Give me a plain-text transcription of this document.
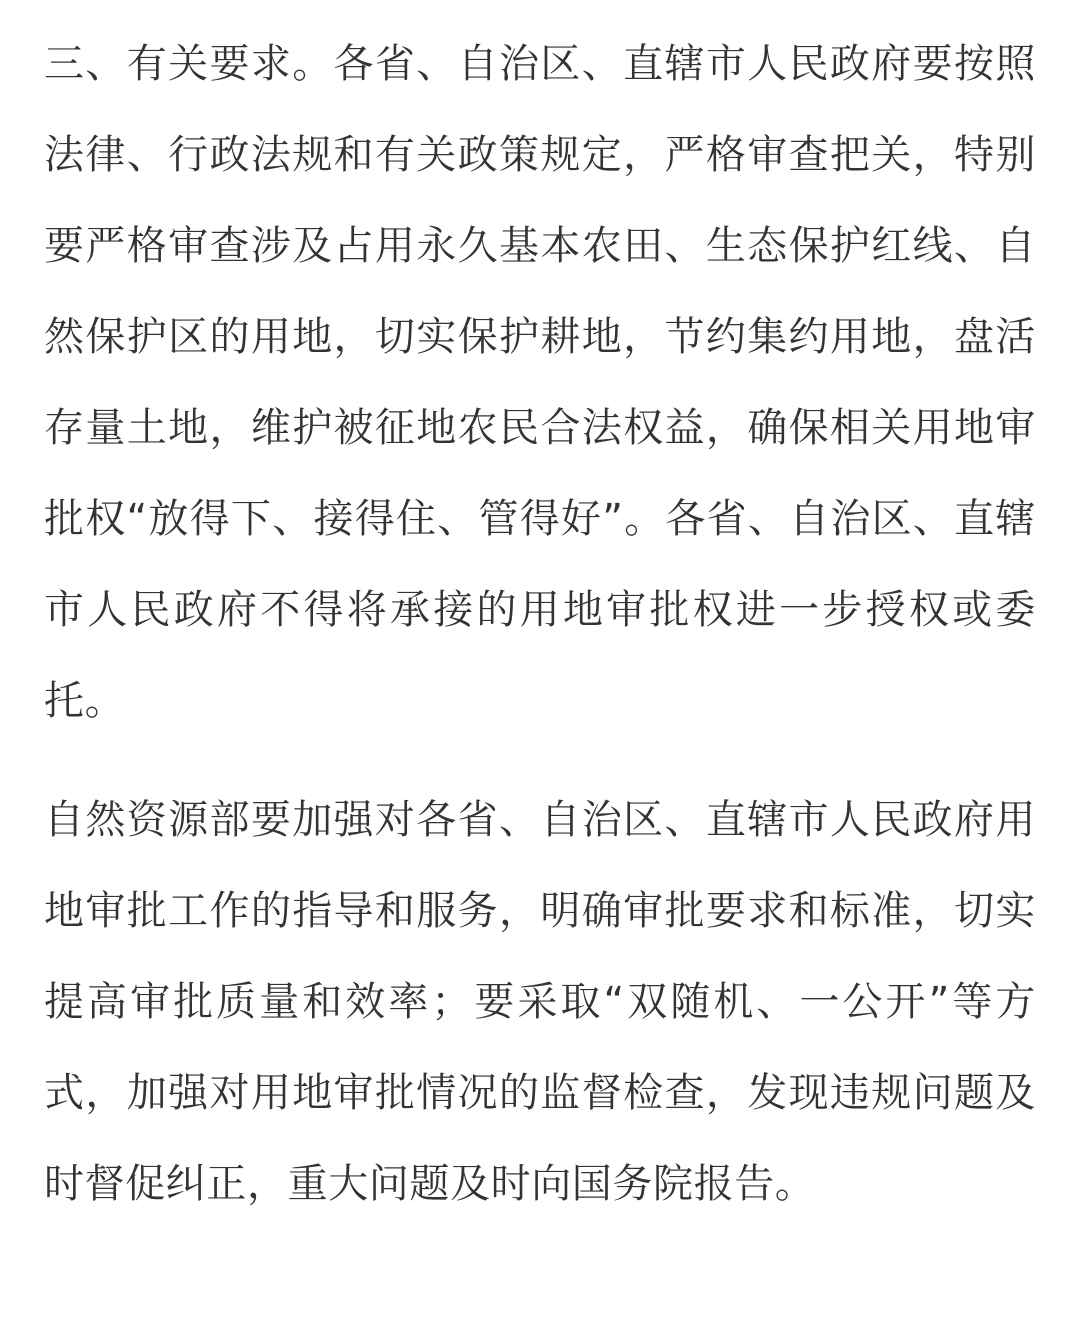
三、有关要求。各省、自治区、直辖市人民政府要按照法律、行政法规和有关政策规定，严格审查把关，特别要严格审查涉及占用永久基本农田、生态保护红线、自然保护区的用地，切实保护耕地，节约集约用地，盘活存量土地，维护被征地农民合法权益，确保相关用地审批权“放得下、接得住、管得好”。各省、自治区、直辖市人民政府不得将承接的用地审批权进一步授权或委托。

自然资源部要加强对各省、自治区、直辖市人民政府用地审批工作的指导和服务，明确审批要求和标准，切实提高审批质量和效率；要采取“双随机、一公开”等方式，加强对用地审批情况的监督检查，发现违规问题及时督促纠正，重大问题及时向国务院报告。
